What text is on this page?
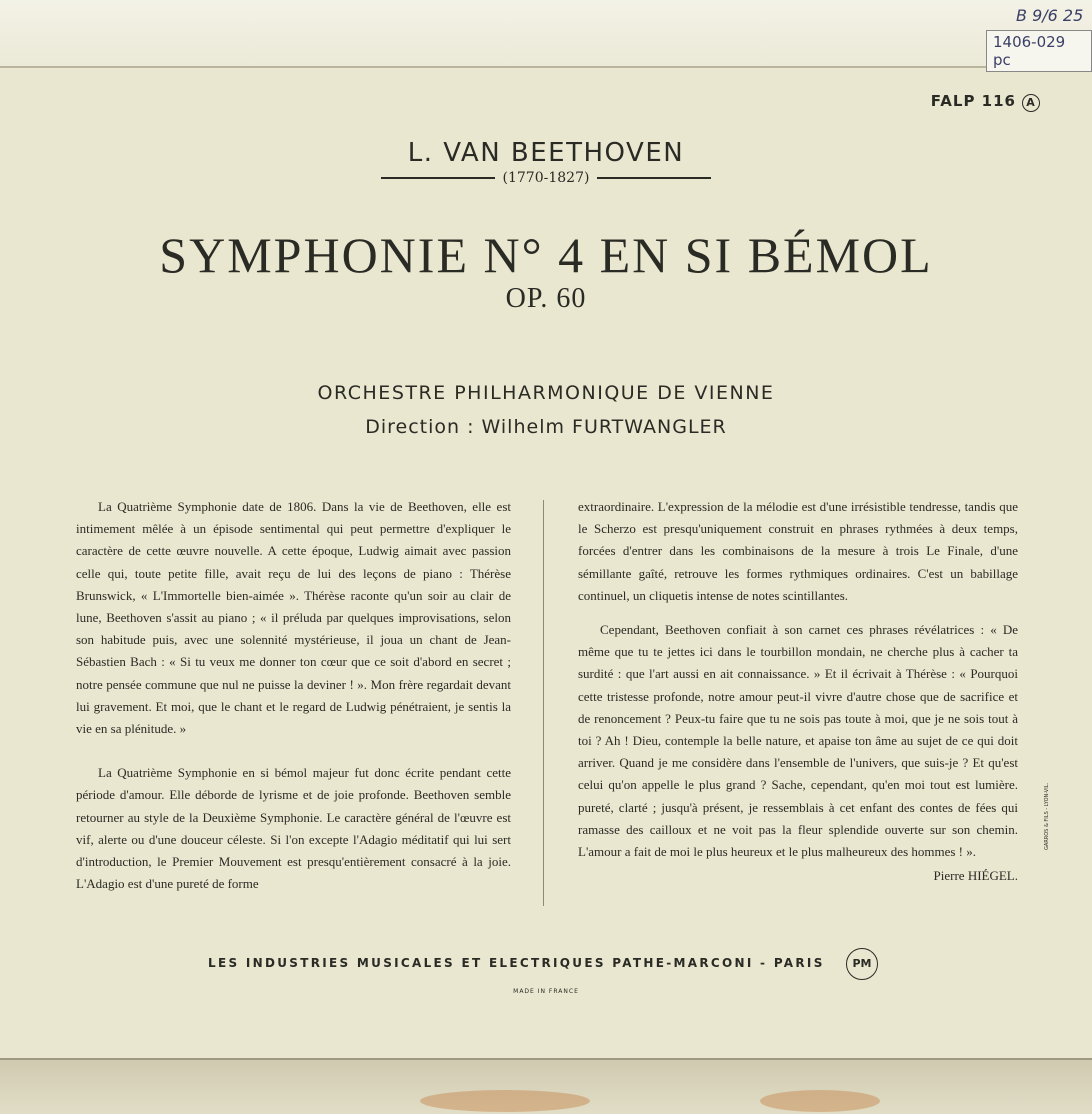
B 9/6 25
1406-029 pc
FALP 116 A
L. VAN BEETHOVEN
(1770-1827)
SYMPHONIE N° 4 EN SI BÉMOL
OP. 60
ORCHESTRE PHILHARMONIQUE DE VIENNE
Direction : Wilhelm FURTWANGLER

La Quatrième Symphonie date de 1806. Dans la vie de Beethoven, elle est intimement mêlée à un épisode sentimental qui peut permettre d'expliquer le caractère de cette œuvre nouvelle. A cette époque, Ludwig aimait avec passion celle qui, toute petite fille, avait reçu de lui des leçons de piano : Thérèse Brunswick, « L'Immortelle bien-aimée ». Thérèse raconte qu'un soir au clair de lune, Beethoven s'assit au piano ; « il préluda par quelques improvisations, selon son habitude puis, avec une solennité mystérieuse, il joua un chant de Jean-Sébastien Bach : « Si tu veux me donner ton cœur que ce soit d'abord en secret ; notre pensée commune que nul ne puisse la deviner ! ». Mon frère regardait devant lui gravement. Et moi, que le chant et le regard de Ludwig pénétraient, je sentis la vie en sa plénitude. »

La Quatrième Symphonie en si bémol majeur fut donc écrite pendant cette période d'amour. Elle déborde de lyrisme et de joie profonde. Beethoven semble retourner au style de la Deuxième Symphonie. Le caractère général de l'œuvre est vif, alerte ou d'une douceur céleste. Si l'on excepte l'Adagio méditatif qui lui sert d'introduction, le Premier Mouvement est presqu'entièrement consacré à la joie. L'Adagio est d'une pureté de forme

extraordinaire. L'expression de la mélodie est d'une irrésistible tendresse, tandis que le Scherzo est presqu'uniquement construit en phrases rythmées à deux temps, forcées d'entrer dans les combinaisons de la mesure à trois Le Finale, d'une sémillante gaîté, retrouve les formes rythmiques ordinaires. C'est un babillage continuel, un cliquetis intense de notes scintillantes.

Cependant, Beethoven confiait à son carnet ces phrases révélatrices : « De même que tu te jettes ici dans le tourbillon mondain, ne cherche plus à cacher ta surdité : que l'art aussi en ait connaissance. » Et il écrivait à Thérèse : « Pourquoi cette tristesse profonde, notre amour peut-il vivre d'autre chose que de sacrifice et de renoncement ? Peux-tu faire que tu ne sois pas toute à moi, que je ne sois tout à toi ? Ah ! Dieu, contemple la belle nature, et apaise ton âme au sujet de ce qui doit arriver. Quand je me considère dans l'ensemble de l'univers, que suis-je ? Et qu'est celui qu'on appelle le plus grand ? Sache, cependant, qu'en moi tout est lumière. pureté, clarté ; jusqu'à présent, je ressemblais à cet enfant des contes de fées qui ramasse des cailloux et ne voit pas la fleur splendide ouverte sur son chemin. L'amour a fait de moi le plus heureux et le plus malheureux des hommes ! ».

Pierre HIÉGEL.
LES INDUSTRIES MUSICALES ET ELECTRIQUES PATHE-MARCONI - PARIS	PM
MADE IN FRANCE
GARROS & FILS - LYON-VIL.
